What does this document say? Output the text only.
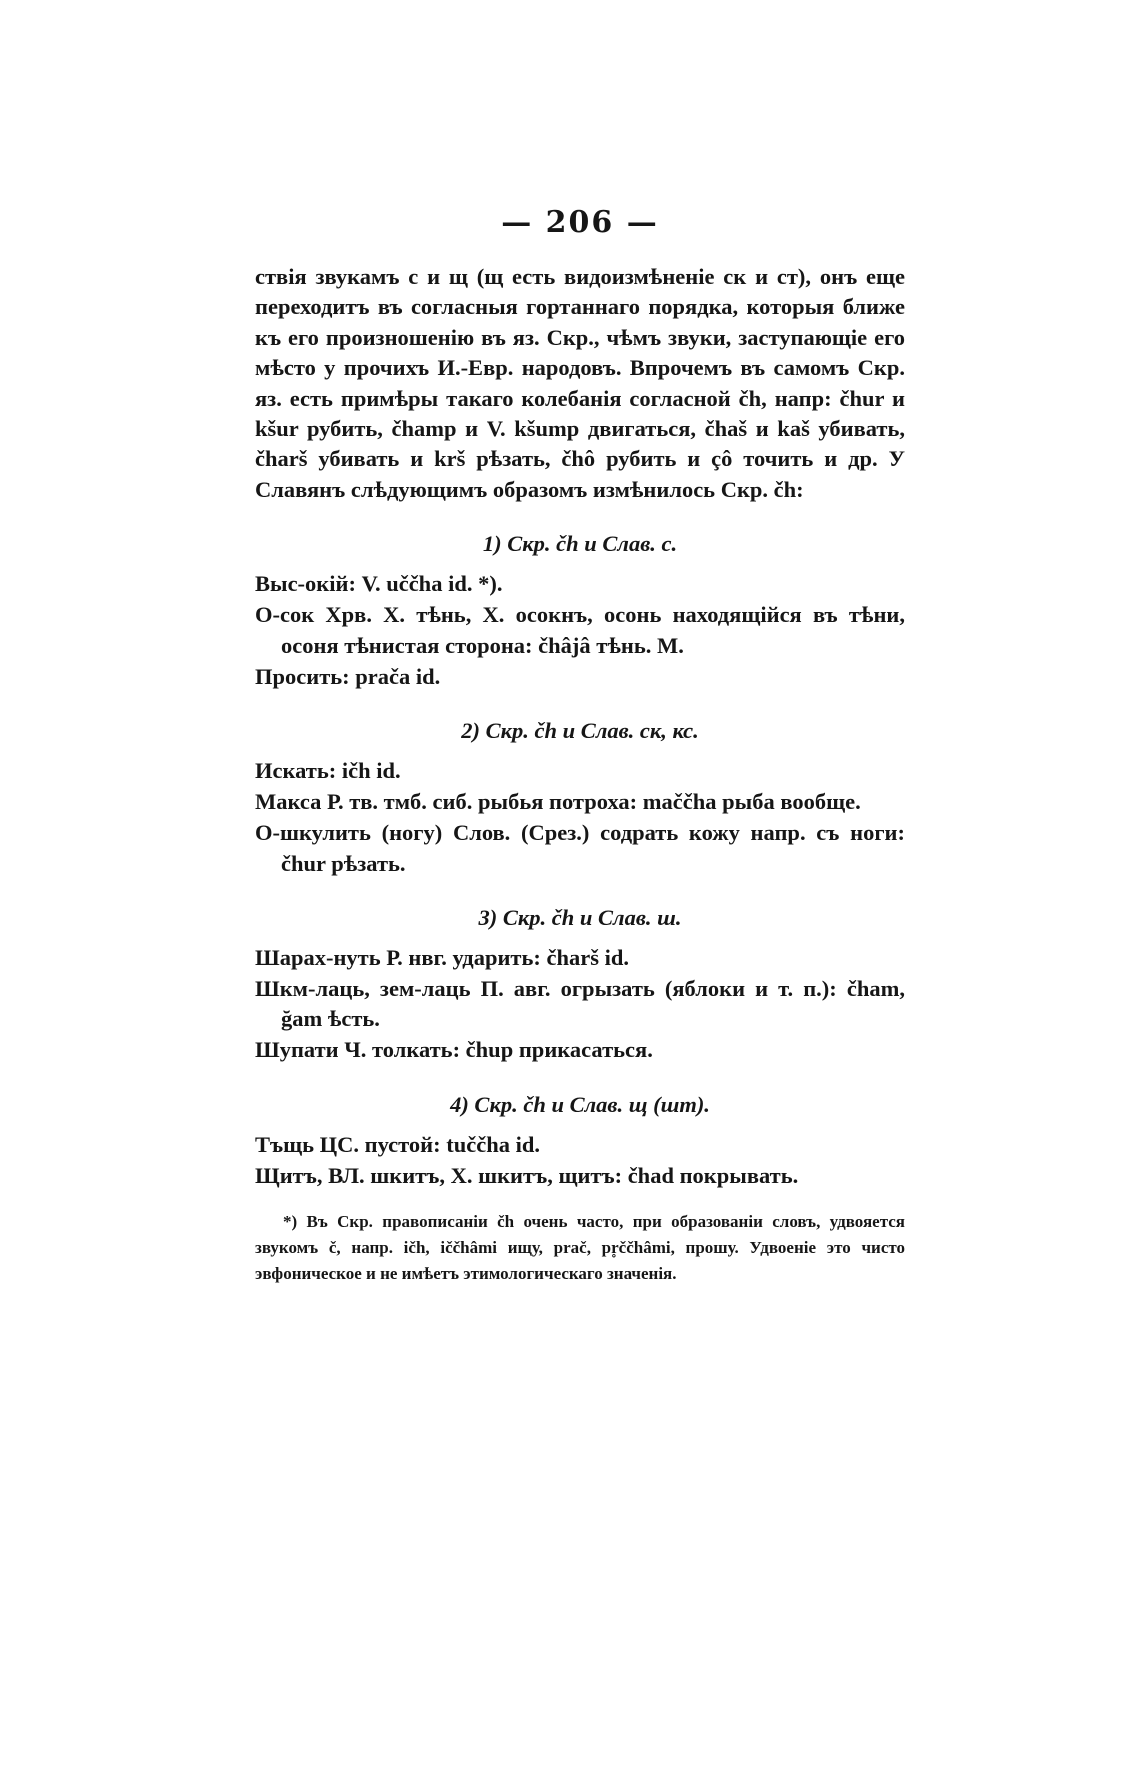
— 206 —

ствія звукамъ с и щ (щ есть видоизмѣненіе ск и ст), онъ еще переходитъ въ согласныя гортаннаго порядка, которыя ближе къ его произношенію въ яз. Скр., чѣмъ звуки, заступающіе его мѣсто у прочихъ И.-Евр. народовъ. Впрочемъ въ самомъ Скр. яз. есть примѣры такаго колебанія согласной čh, напр: čhur и kšur рубить, čhamp и V. kšump двигаться, čhaš и kaš убивать, čharš убивать и krš рѣзать, čhô рубить и çô точить и др. У Славянъ слѣдующимъ образомъ измѣнилось Скр. čh:

1) Скр. čh и Слав. с.
Выс-окій: V. uččha id. *).
О-сок Хрв. Х. тѣнь, Х. осокнъ, осонь находящійся въ тѣни, осоня тѣнистая сторона: čhâjâ тѣнь. М.
Просить: prača id.
2) Скр. čh и Слав. ск, кс.
Искать: ičh id.
Макса Р. тв. тмб. сиб. рыбья потроха: maččha рыба вообще.
О-шкулить (ногу) Слов. (Срез.) содрать кожу напр. съ ноги: čhur рѣзать.
3) Скр. čh и Слав. ш.
Шарах-нуть Р. нвг. ударить: čharš id.
Шкм-лаць, зем-лаць П. авг. огрызать (яблоки и т. п.): čham, ğam ѣсть.
Шупати Ч. толкать: čhup прикасаться.
4) Скр. čh и Слав. щ (шт).
Тъщь ЦС. пустой: tuččha id.
Щитъ, ВЛ. шкитъ, Х. шкитъ, щитъ: čhad покрывать.
*) Въ Скр. правописаніи čh очень часто, при образованіи словъ, удвояется звукомъ č, напр. ičh, iččhâmi ищу, prač, pr̥ččhâmi, прошу. Удвоеніе это чисто эвфоническое и не имѣетъ этимологическаго значенія.
